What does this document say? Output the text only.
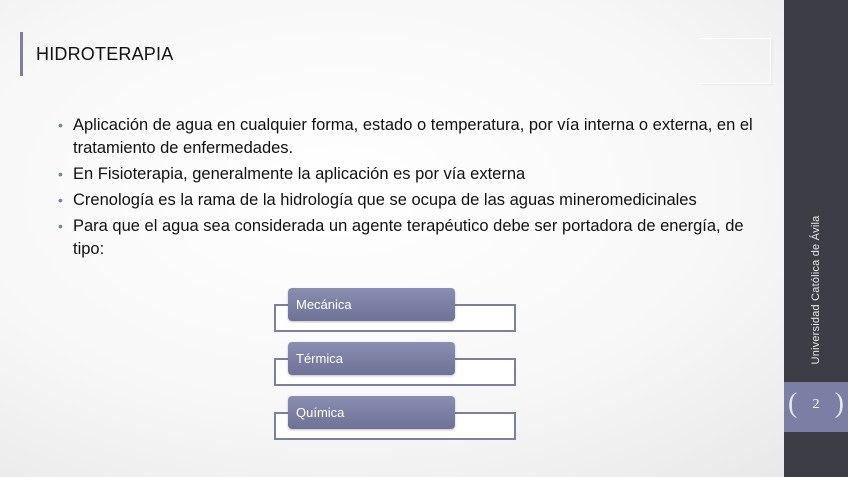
HIDROTERAPIA
• Aplicación de agua en cualquier forma, estado o temperatura, por vía interna o externa, en el tratamiento de enfermedades.
• En Fisioterapia, generalmente la aplicación es por vía externa
• Crenología es la rama de la hidrología que se ocupa de las aguas mineromedicinales
• Para que el agua sea considerada un agente terapéutico debe ser portadora de energía, de tipo:
Mecánica
Térmica
Química
Universidad Católica de Ávila
(	2 )
